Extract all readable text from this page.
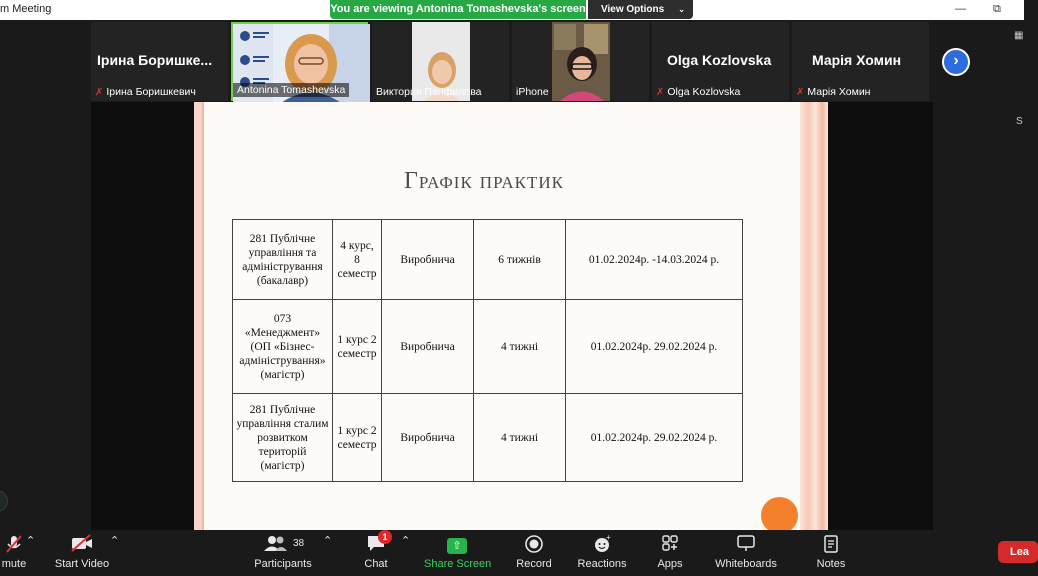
m Meeting	You are viewing Antonina Tomashevska's screen	View Options ⌄	— ⧉
Ірина Боришке...
✗ Ірина Боришкевич	Antonina Tomashevska	Виктория Панфилова	iPhone
Olga Kozlovska
✗ Olga Kozlovska
Марія Хомин
✗ Марія Хомин
›
▦
S
Графік практик
281 Публічне управління та адміністрування (бакалавр)	4 курс, 8 семестр	Виробнича	6 тижнів	01.02.2024р. -14.03.2024 р.
073 «Менеджмент» (ОП «Бізнес-адміністрування» (магістр)	1 курс 2 семестр	Виробнича	4 тижні	01.02.2024р. 29.02.2024 р.
281 Публічне управління сталим розвитком територій (магістр)	1 курс 2 семестр	Виробнича	4 тижні	01.02.2024р. 29.02.2024 р.
mute
⌃
Start Video
⌃	38
Participants
⌃
Chat
1	⌃	⇧
Share Screen Record
+
Reactions	Apps	Whiteboards	Notes
Lea
